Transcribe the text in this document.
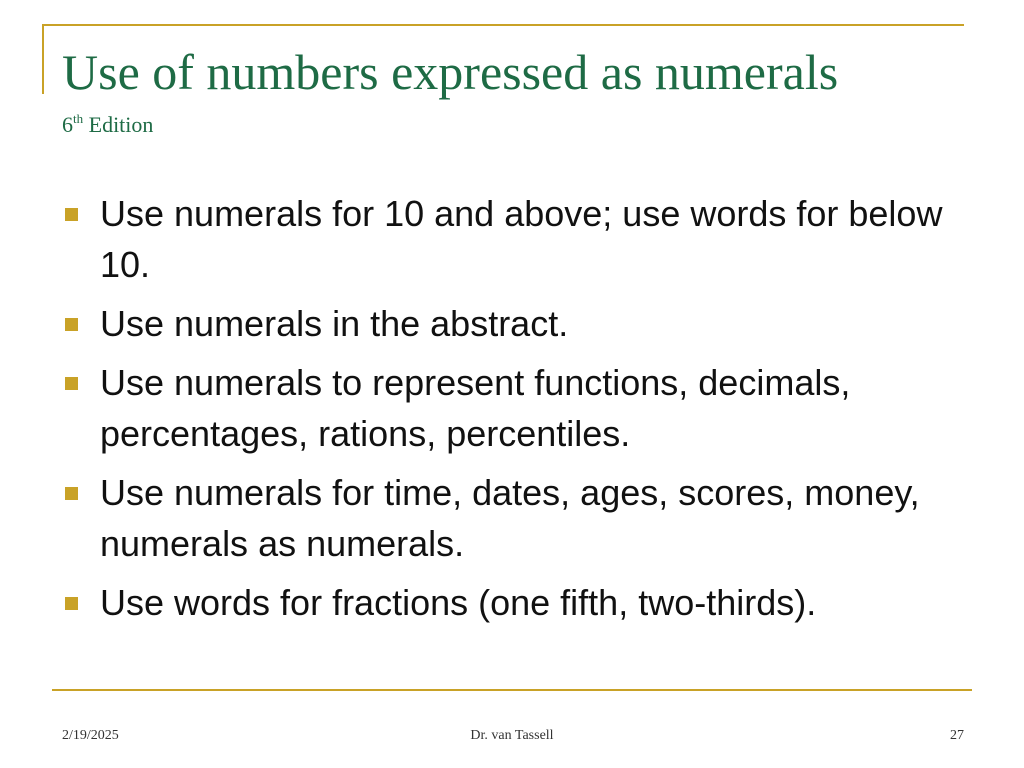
Use of numbers expressed as numerals
6th Edition
Use numerals for 10 and above; use words for below 10.
Use numerals in the abstract.
Use numerals to represent functions, decimals, percentages, rations, percentiles.
Use numerals for time, dates, ages, scores, money, numerals as numerals.
Use words for fractions (one fifth, two-thirds).
2/19/2025	Dr. van Tassell	27
